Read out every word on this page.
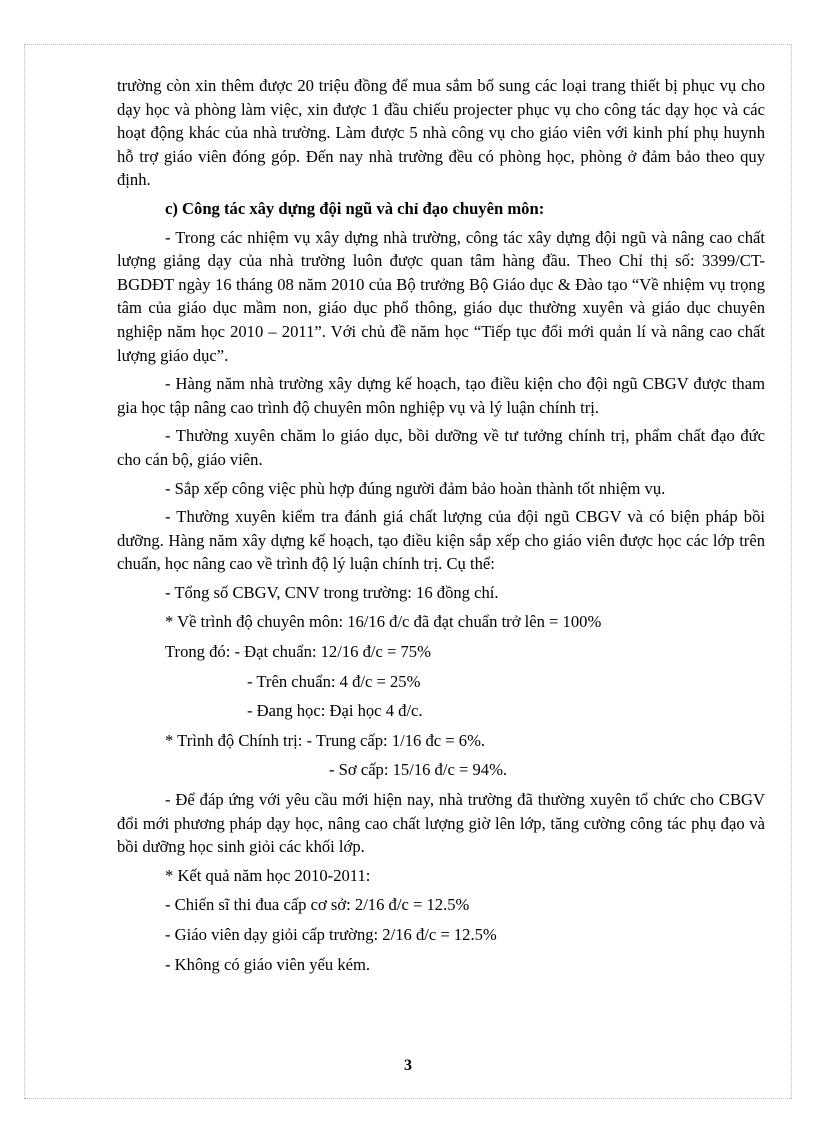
trường còn xin thêm được 20 triệu đồng để mua sắm bổ sung các loại trang thiết bị phục vụ cho dạy học và phòng làm việc, xin được 1 đầu chiếu projecter phục vụ cho công tác dạy học và các hoạt động khác của nhà trường. Làm được 5 nhà công vụ cho giáo viên với kinh phí phụ huynh hỗ trợ giáo viên đóng góp. Đến nay nhà trường đều có phòng học, phòng ở đảm bảo theo quy định.

c) Công tác xây dựng đội ngũ và chỉ đạo chuyên môn:

- Trong các nhiệm vụ xây dựng nhà trường, công tác xây dựng đội ngũ và nâng cao chất lượng giảng dạy của nhà trường luôn được quan tâm hàng đầu. Theo Chỉ thị số: 3399/CT-BGDĐT ngày 16 tháng 08 năm 2010 của Bộ trưởng Bộ Giáo dục & Đào tạo “Về nhiệm vụ trọng tâm của giáo dục mầm non, giáo dục phổ thông, giáo dục thường xuyên và giáo dục chuyên nghiệp năm học 2010 – 2011”. Với chủ đề năm học “Tiếp tục đổi mới quản lí và nâng cao chất lượng giáo dục”.

- Hàng năm nhà trường xây dựng kế hoạch, tạo điều kiện cho đội ngũ CBGV được tham gia học tập nâng cao trình độ chuyên môn nghiệp vụ và lý luận chính trị.

- Thường xuyên chăm lo giáo dục, bồi dưỡng về tư tưởng chính trị, phẩm chất đạo đức cho cán bộ, giáo viên.

- Sắp xếp công việc phù hợp đúng người đảm bảo hoàn thành tốt nhiệm vụ.

- Thường xuyên kiểm tra đánh giá chất lượng của đội ngũ CBGV và có biện pháp bồi dưỡng. Hàng năm xây dựng kế hoạch, tạo điều kiện sắp xếp cho giáo viên được học các lớp trên chuẩn, học nâng cao về trình độ lý luận chính trị. Cụ thể:

- Tổng số CBGV, CNV trong trường: 16 đồng chí.

* Về trình độ chuyên môn: 16/16 đ/c đã đạt chuẩn trở lên = 100%

Trong đó: - Đạt chuẩn: 12/16 đ/c = 75%

- Trên chuẩn: 4 đ/c = 25%

- Đang học: Đại học 4 đ/c.

* Trình độ Chính trị: - Trung cấp: 1/16 đc = 6%.

- Sơ cấp: 15/16 đ/c = 94%.

- Để đáp ứng với yêu cầu mới hiện nay, nhà trường đã thường xuyên tổ chức cho CBGV đổi mới phương pháp dạy học, nâng cao chất lượng giờ lên lớp, tăng cường công tác phụ đạo và bồi dưỡng học sinh giỏi các khối lớp.

* Kết quả năm học 2010-2011:

- Chiến sĩ thi đua cấp cơ sở: 2/16 đ/c = 12.5%

- Giáo viên dạy giỏi cấp trường: 2/16 đ/c = 12.5%

- Không có giáo viên yếu kém.

3
